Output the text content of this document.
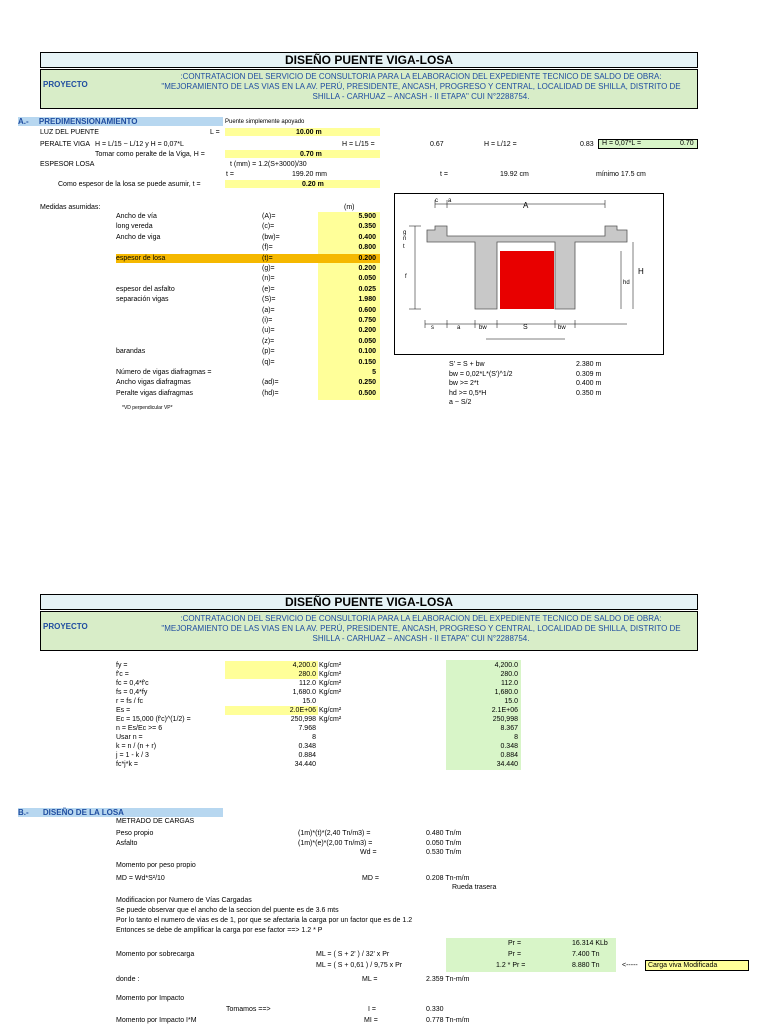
DISEÑO PUENTE VIGA-LOSA
PROYECTO
:CONTRATACION DEL SERVICIO DE CONSULTORIA PARA LA ELABORACION DEL EXPEDIENTE TECNICO DE SALDO DE OBRA: "MEJORAMIENTO DE LAS VIAS EN LA AV. PERÚ, PRESIDENTE, ANCASH, PROGRESO Y CENTRAL, LOCALIDAD DE SHILLA, DISTRITO DE SHILLA - CARHUAZ – ANCASH - II ETAPA" CUI N°2288754.
A.- PREDIMENSIONAMIENTO	Puente simplemente apoyado
LUZ DEL PUENTE	L =	10.00 m
PERALTE VIGA H = L/15 ~ L/12 y H = 0,07*L	H = L/15 =	0.67	H = L/12 =	0.83 H = 0,07*L =	0.70
Tomar como peralte de la Viga, H =	0.70 m
ESPESOR LOSA	t (mm) = 1.2(S+3000)/30
t =	199.20 mm	t =	19.92 cm	mínimo 17.5 cm
Como espesor de la losa se puede asumir, t =	0.20 m
Medidas asumidas:	(m)
Ancho de vía	(A)=	5.900
long vereda	(c)=	0.350
Ancho de viga	(bw)=	0.400
(f)=	0.800
espesor de losa	(t)=	0.200
(g)=	0.200
(n)=	0.050
espesor del asfalto	(e)=	0.025
separación vigas	(S)=	1.980
(a)=	0.600
(i)=	0.750
(u)=	0.200
(z)=	0.050
barandas	(p)=	0.100
(q)=	0.150
Número de vigas diafragmas =	5
Ancho vigas diafragmas	(ad)=	0.250
Peralte vigas diafragmas	(hd)=	0.500
*VD perpendicular VP*
c a	A
g
n
t
H
f
hd
s	a	bw	S	bw
S' = S + bw	2.380 m
bw = 0,02*L*(S')^1/2	0.309 m
bw >= 2*t	0.400 m
hd >= 0,5*H	0.350 m
a ~ S/2
DISEÑO PUENTE VIGA-LOSA
PROYECTO
:CONTRATACION DEL SERVICIO DE CONSULTORIA PARA LA ELABORACION DEL EXPEDIENTE TECNICO DE SALDO DE OBRA: "MEJORAMIENTO DE LAS VIAS EN LA AV. PERÚ, PRESIDENTE, ANCASH, PROGRESO Y CENTRAL, LOCALIDAD DE SHILLA, DISTRITO DE SHILLA - CARHUAZ – ANCASH - II ETAPA" CUI N°2288754.
fy =	4,200.0 Kg/cm²	4,200.0
f'c =	280.0 Kg/cm²	280.0
fc = 0,4*f'c	112.0 Kg/cm²	112.0
fs = 0,4*fy	1,680.0 Kg/cm²	1,680.0
r = fs / fc	15.0	15.0
Es =	2.0E+06 Kg/cm²	2.1E+06
Ec = 15,000 (f'c)^(1/2) =	250,998 Kg/cm²	250,998
n = Es/Ec >= 6	7.968	8.367
Usar n =	8	8
k = n / (n + r)	0.348	0.348
j = 1 - k / 3	0.884	0.884
fc*j*k =	34.440	34.440
B.- DISEÑO DE LA LOSA
METRADO DE CARGAS
Peso propio	(1m)*(t)*(2,40 Tn/m3) =	0.480 Tn/m
Asfalto	(1m)*(e)*(2,00 Tn/m3) =	0.050 Tn/m
Wd =	0.530 Tn/m
Momento por peso propio
MD = Wd*S²/10	MD =	0.208 Tn-m/m
Rueda trasera
Modificacion por Numero de Vías Cargadas
Se puede observar que el ancho de la seccion del puente es de 3.6 mts
Por lo tanto el numero de vias es de 1, por que se afectaria la carga por un factor que es de 1.2
Entonces se debe de amplificar la carga por ese factor ==> 1.2 * P
Pr =	16.314 KLb
Momento por sobrecarga	ML = ( S + 2' ) / 32' x Pr	Pr =	7.400 Tn
ML = ( S + 0,61 ) / 9,75 x Pr	1.2 * Pr =	8.880 Tn	<----- Carga viva Modificada
donde :	ML =	2.359 Tn-m/m
Momento por Impacto
Tomamos ==>	I =	0.330
Momento por Impacto I*M	MI =	0.778 Tn-m/m
